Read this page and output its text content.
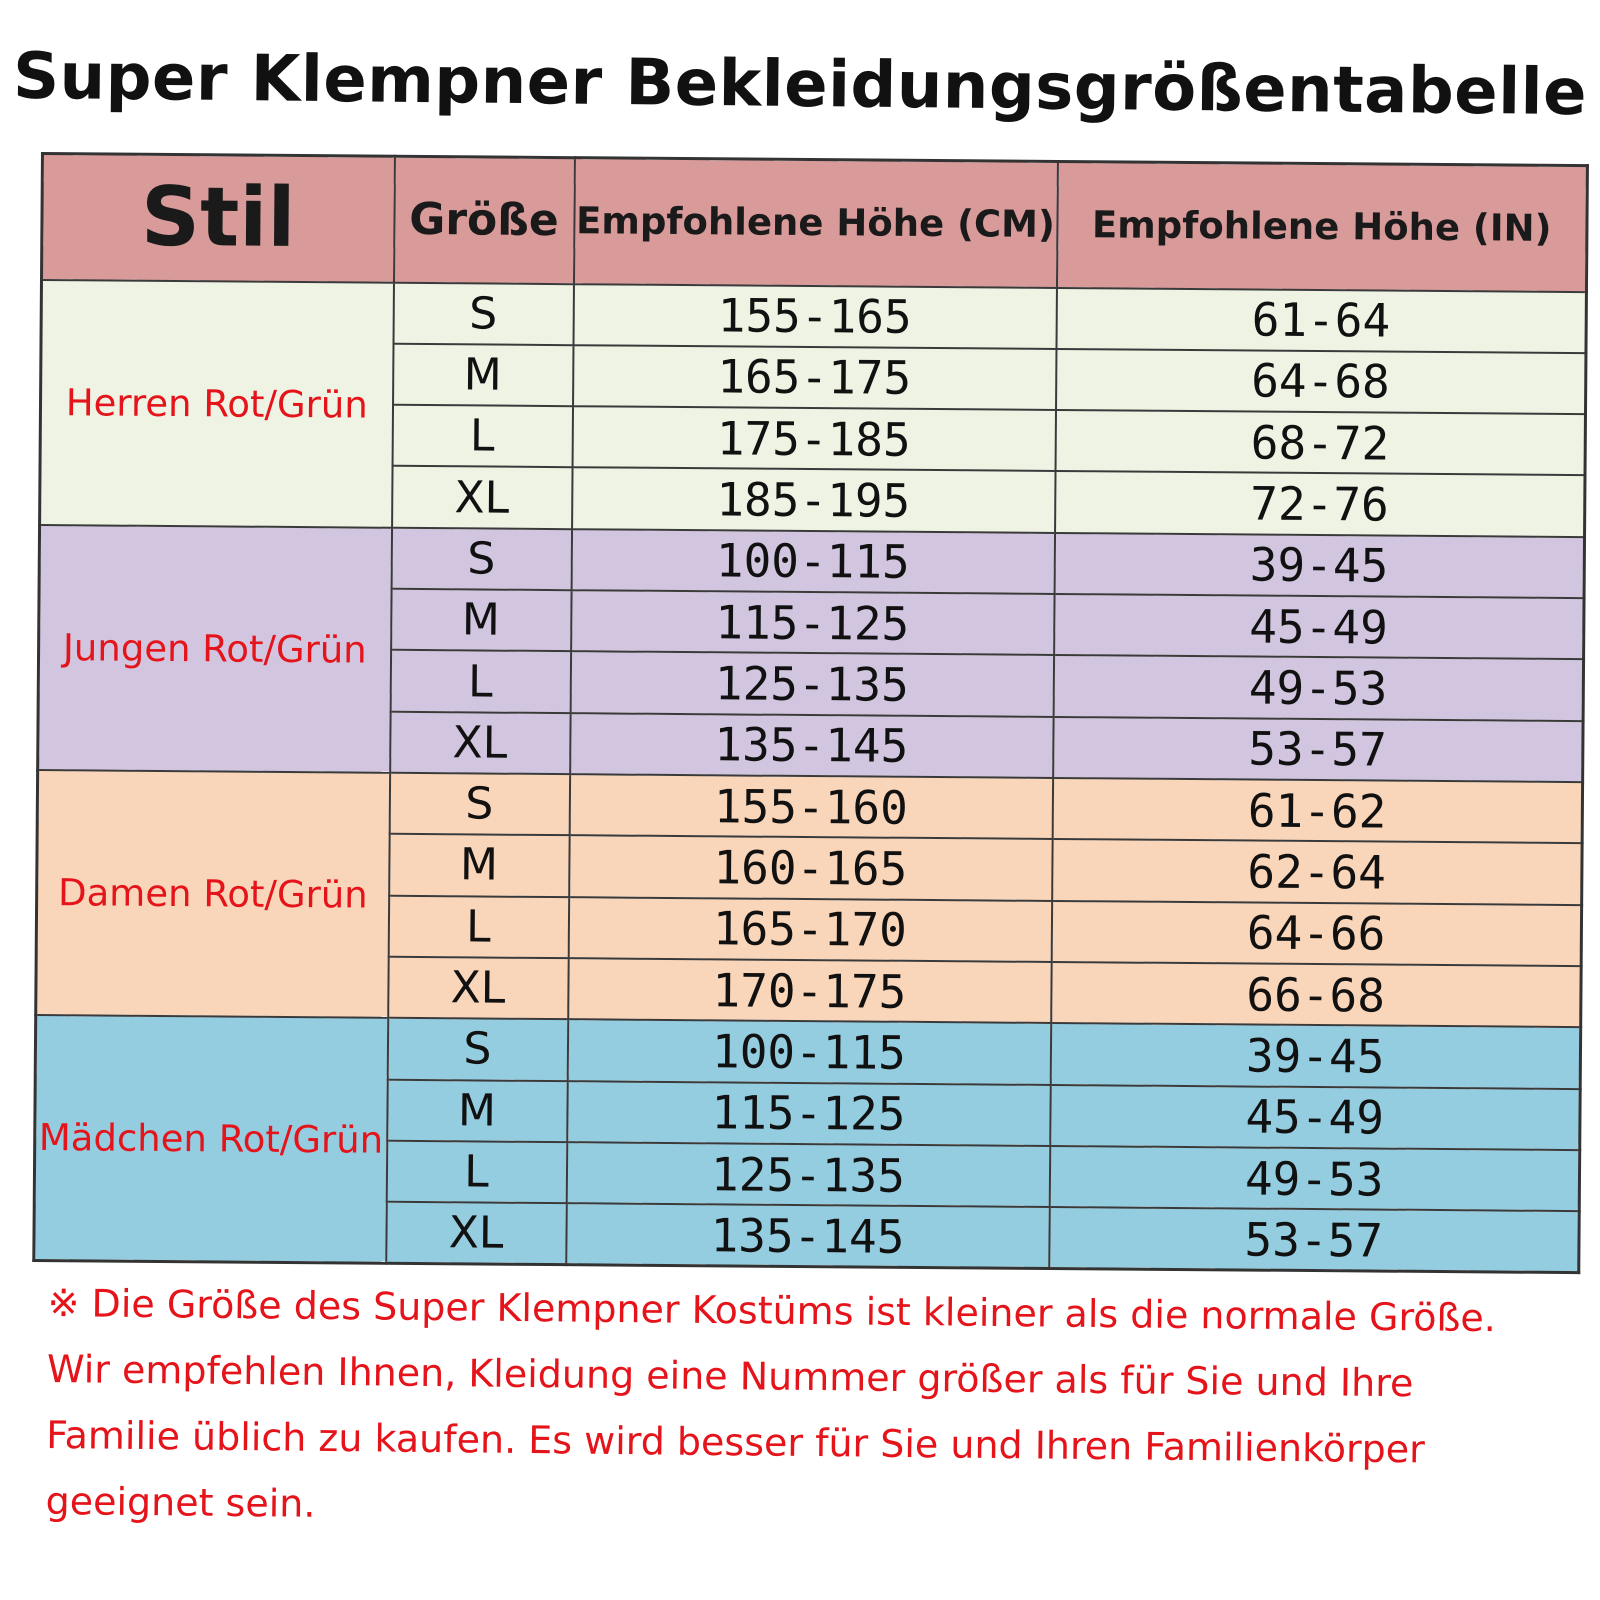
Super Klempner Bekleidungsgrößentabelle
Stil	Größe	Empfohlene Höhe (CM)	Empfohlene Höhe (IN)
Herren Rot/Grün	S	155-165	61-64
	M	165-175	64-68
	L	175-185	68-72
	XL	185-195	72-76
Jungen Rot/Grün	S	100-115	39-45
	M	115-125	45-49
	L	125-135	49-53
	XL	135-145	53-57
Damen Rot/Grün	S	155-160	61-62
	M	160-165	62-64
	L	165-170	64-66
	XL	170-175	66-68
Mädchen Rot/Grün	S	100-115	39-45
	M	115-125	45-49
	L	125-135	49-53
	XL	135-145	53-57
※ Die Größe des Super Klempner Kostüms ist kleiner als die normale Größe. Wir empfehlen Ihnen, Kleidung eine Nummer größer als für Sie und Ihre Familie üblich zu kaufen. Es wird besser für Sie und Ihren Familienkörper geeignet sein.
